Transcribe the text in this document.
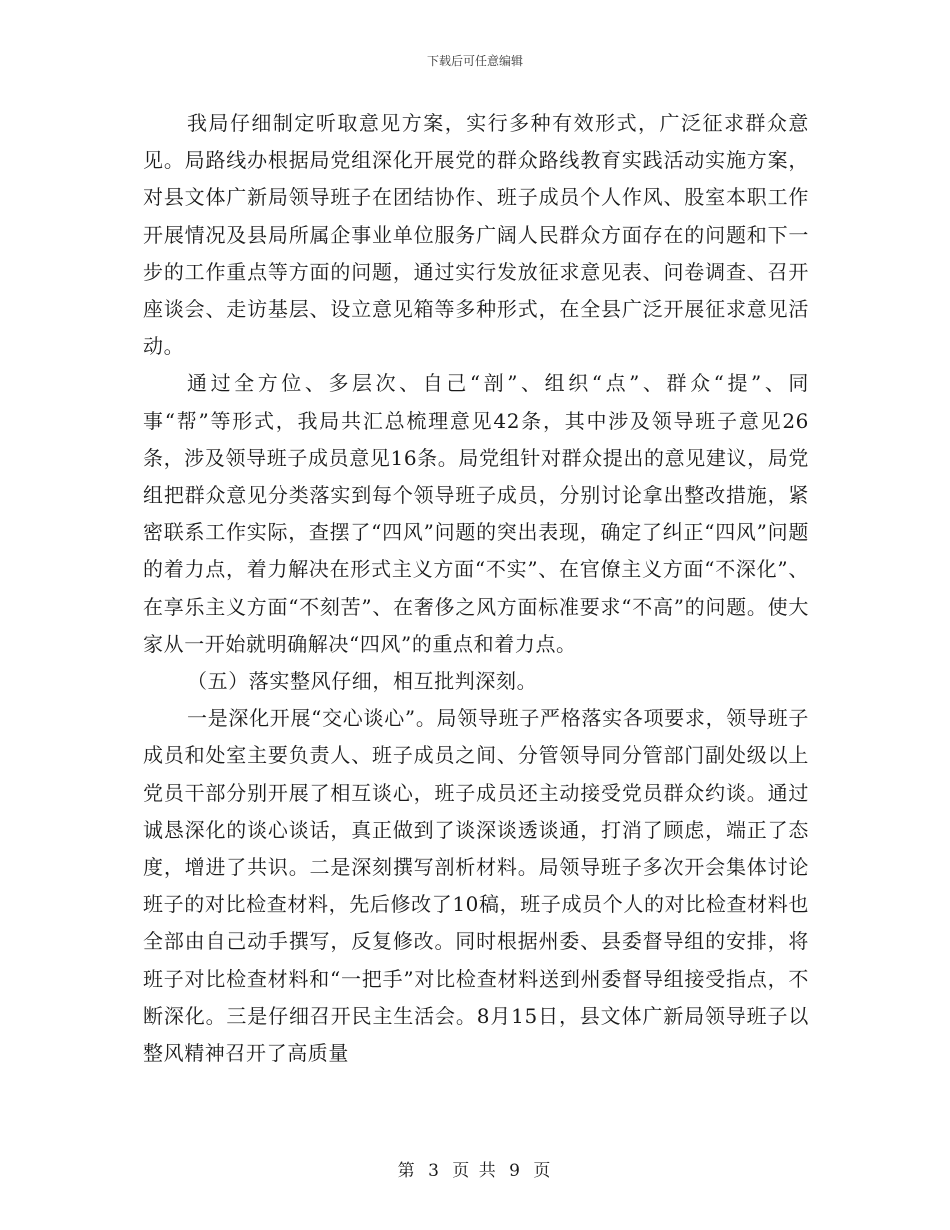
下载后可任意编辑

我局仔细制定听取意见方案，实行多种有效形式，广泛征求群众意见。局路线办根据局党组深化开展党的群众路线教育实践活动实施方案，对县文体广新局领导班子在团结协作、班子成员个人作风、股室本职工作开展情况及县局所属企事业单位服务广阔人民群众方面存在的问题和下一步的工作重点等方面的问题，通过实行发放征求意见表、问卷调查、召开座谈会、走访基层、设立意见箱等多种形式，在全县广泛开展征求意见活动。

通过全方位、多层次、自己“剖”、组织“点”、群众“提”、同事“帮”等形式，我局共汇总梳理意见42条，其中涉及领导班子意见26条，涉及领导班子成员意见16条。局党组针对群众提出的意见建议，局党组把群众意见分类落实到每个领导班子成员，分别讨论拿出整改措施，紧密联系工作实际，查摆了“四风”问题的突出表现，确定了纠正“四风”问题的着力点，着力解决在形式主义方面“不实”、在官僚主义方面“不深化”、在享乐主义方面“不刻苦”、在奢侈之风方面标准要求“不高”的问题。使大家从一开始就明确解决“四风”的重点和着力点。

（五）落实整风仔细，相互批判深刻。

一是深化开展“交心谈心”。局领导班子严格落实各项要求，领导班子成员和处室主要负责人、班子成员之间、分管领导同分管部门副处级以上党员干部分别开展了相互谈心，班子成员还主动接受党员群众约谈。通过诚恳深化的谈心谈话，真正做到了谈深谈透谈通，打消了顾虑，端正了态度，增进了共识。二是深刻撰写剖析材料。局领导班子多次开会集体讨论班子的对比检查材料，先后修改了10稿，班子成员个人的对比检查材料也全部由自己动手撰写，反复修改。同时根据州委、县委督导组的安排，将班子对比检查材料和“一把手”对比检查材料送到州委督导组接受指点，不断深化。三是仔细召开民主生活会。8月15日，县文体广新局领导班子以整风精神召开了高质量

第 3 页 共 9 页
